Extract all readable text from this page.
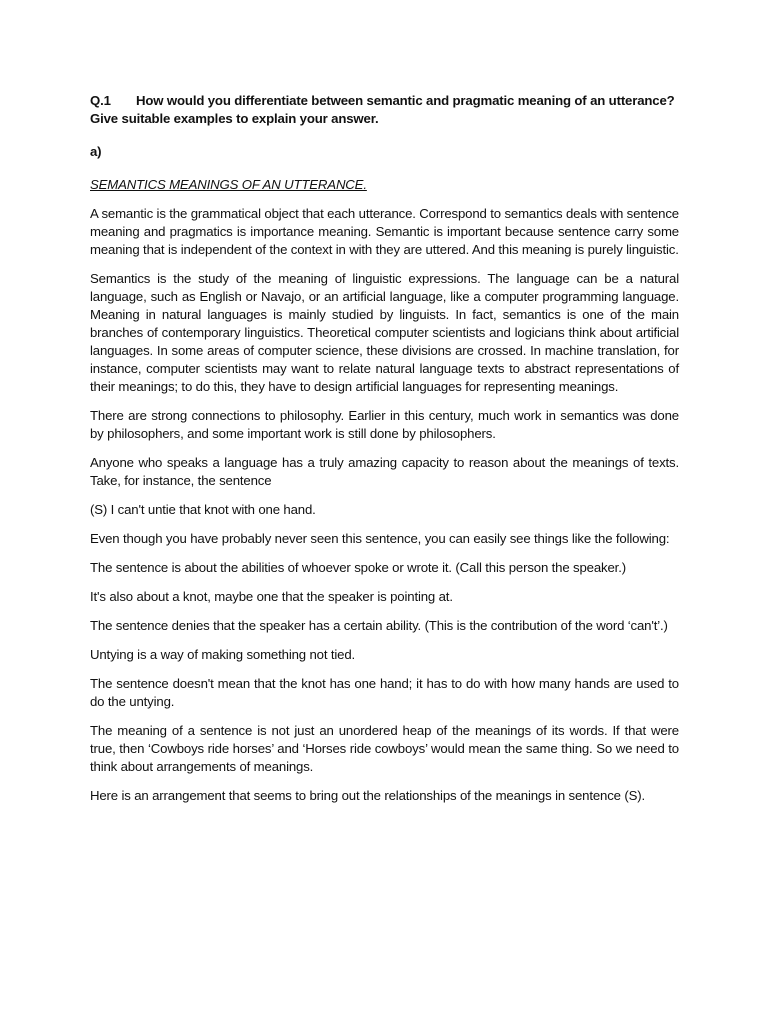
Q.1 How would you differentiate between semantic and pragmatic meaning of an utterance? Give suitable examples to explain your answer.

a)

SEMANTICS MEANINGS OF AN UTTERANCE.

A semantic is the grammatical object that each utterance. Correspond to semantics deals with sentence meaning and pragmatics is importance meaning. Semantic is important because sentence carry some meaning that is independent of the context in with they are uttered. And this meaning is purely linguistic.

Semantics is the study of the meaning of linguistic expressions. The language can be a natural language, such as English or Navajo, or an artificial language, like a computer programming language. Meaning in natural languages is mainly studied by linguists. In fact, semantics is one of the main branches of contemporary linguistics. Theoretical computer scientists and logicians think about artificial languages. In some areas of computer science, these divisions are crossed. In machine translation, for instance, computer scientists may want to relate natural language texts to abstract representations of their meanings; to do this, they have to design artificial languages for representing meanings.

There are strong connections to philosophy. Earlier in this century, much work in semantics was done by philosophers, and some important work is still done by philosophers.

Anyone who speaks a language has a truly amazing capacity to reason about the meanings of texts. Take, for instance, the sentence

(S) I can't untie that knot with one hand.

Even though you have probably never seen this sentence, you can easily see things like the following:

The sentence is about the abilities of whoever spoke or wrote it. (Call this person the speaker.)

It's also about a knot, maybe one that the speaker is pointing at.

The sentence denies that the speaker has a certain ability. (This is the contribution of the word ‘can't’.)

Untying is a way of making something not tied.

The sentence doesn't mean that the knot has one hand; it has to do with how many hands are used to do the untying.

The meaning of a sentence is not just an unordered heap of the meanings of its words. If that were true, then ‘Cowboys ride horses’ and ‘Horses ride cowboys’ would mean the same thing. So we need to think about arrangements of meanings.

Here is an arrangement that seems to bring out the relationships of the meanings in sentence (S).
